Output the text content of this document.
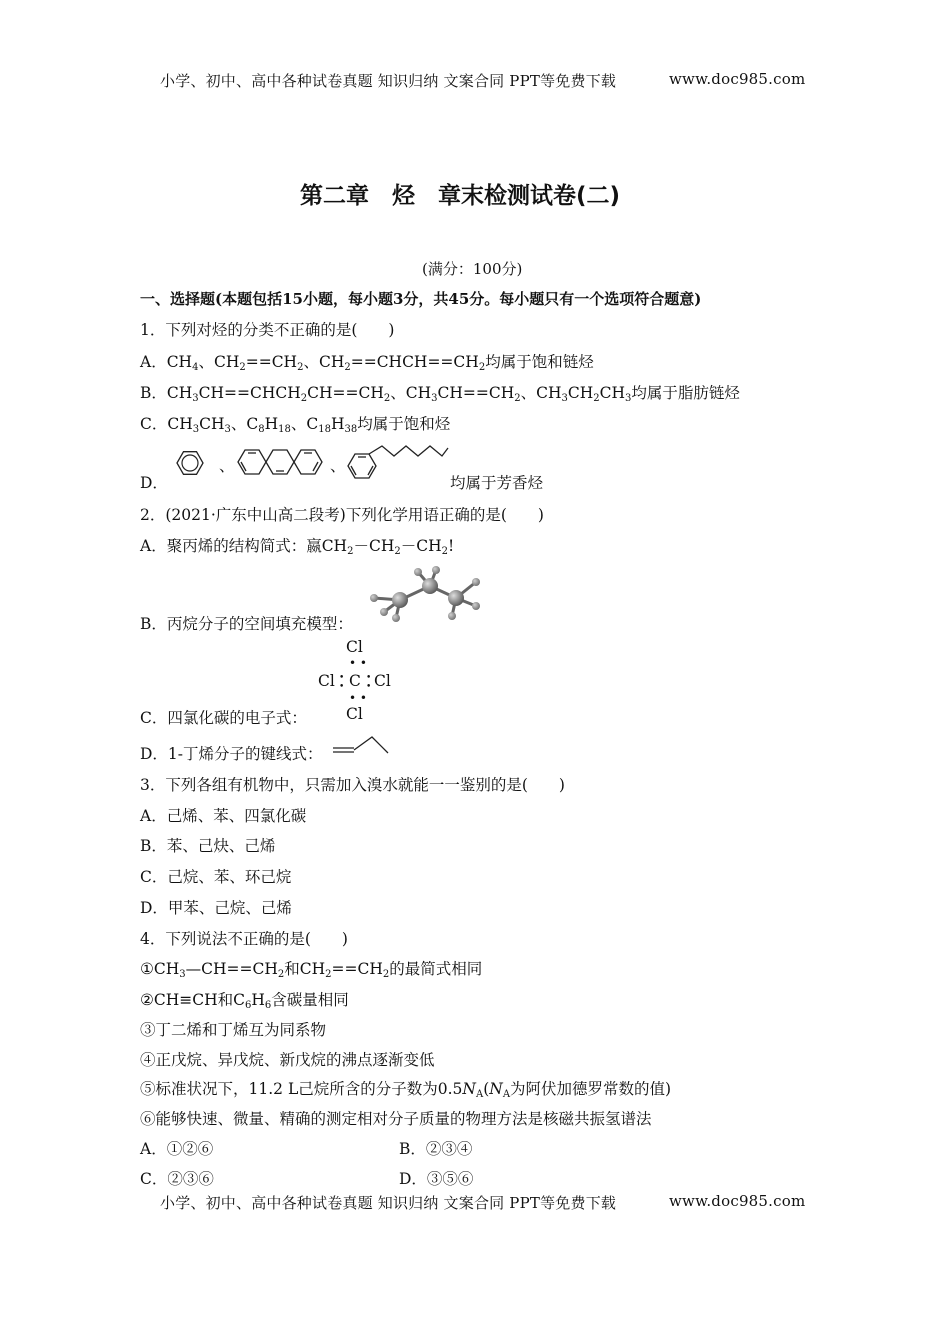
小学、初中、高中各种试卷真题 知识归纳 文案合同 PPT等免费下载	www.doc985.com
第二章　烃　章末检测试卷(二)
(满分：100分)
一、选择题(本题包括15小题，每小题3分，共45分。每小题只有一个选项符合题意)
1．下列对烃的分类不正确的是(　　)
A．$CH_4$、$CH_2==CH_2$、$CH_2==CHCH==CH_2$均属于饱和链烃
B．$CH_3CH==CHCH_2CH==CH_2$、$CH_3CH==CH_2$、$CH_3CH_2CH_3$均属于脂肪链烃
C．$CH_3CH_3$、$C_8H_{18}$、$C_{18}H_{38}$均属于饱和烃
D．
、	、
均属于芳香烃
2．(2021·广东中山高二段考)下列化学用语正确的是(　　)
A．聚丙烯的结构简式：嬴$CH_2-CH_2-CH_2$!
B．丙烷分子的空间填充模型：
Cl
• •
Cl •
• C •
• Cl
• •
Cl
C．四氯化碳的电子式：
D．1-丁烯分子的键线式：
3．下列各组有机物中，只需加入溴水就能一一鉴别的是(　　)
A．己烯、苯、四氯化碳
B．苯、己炔、己烯
C．己烷、苯、环己烷
D．甲苯、己烷、己烯
4．下列说法不正确的是(　　)
$①CH_3—CH==CH_2$和$CH_2==CH_2$的最简式相同
②CH≡CH和$C_6H_6$含碳量相同
③丁二烯和丁烯互为同系物
④正戊烷、异戊烷、新戊烷的沸点逐渐变低
⑤标准状况下，11.2 L己烷所含的分子数为$0.5N_A(N_A$为阿伏加德罗常数的值)
⑥能够快速、微量、精确的测定相对分子质量的物理方法是核磁共振氢谱法
A．①②⑥	B．②③④
C．②③⑥	D．③⑤⑥
小学、初中、高中各种试卷真题 知识归纳 文案合同 PPT等免费下载	www.doc985.com
